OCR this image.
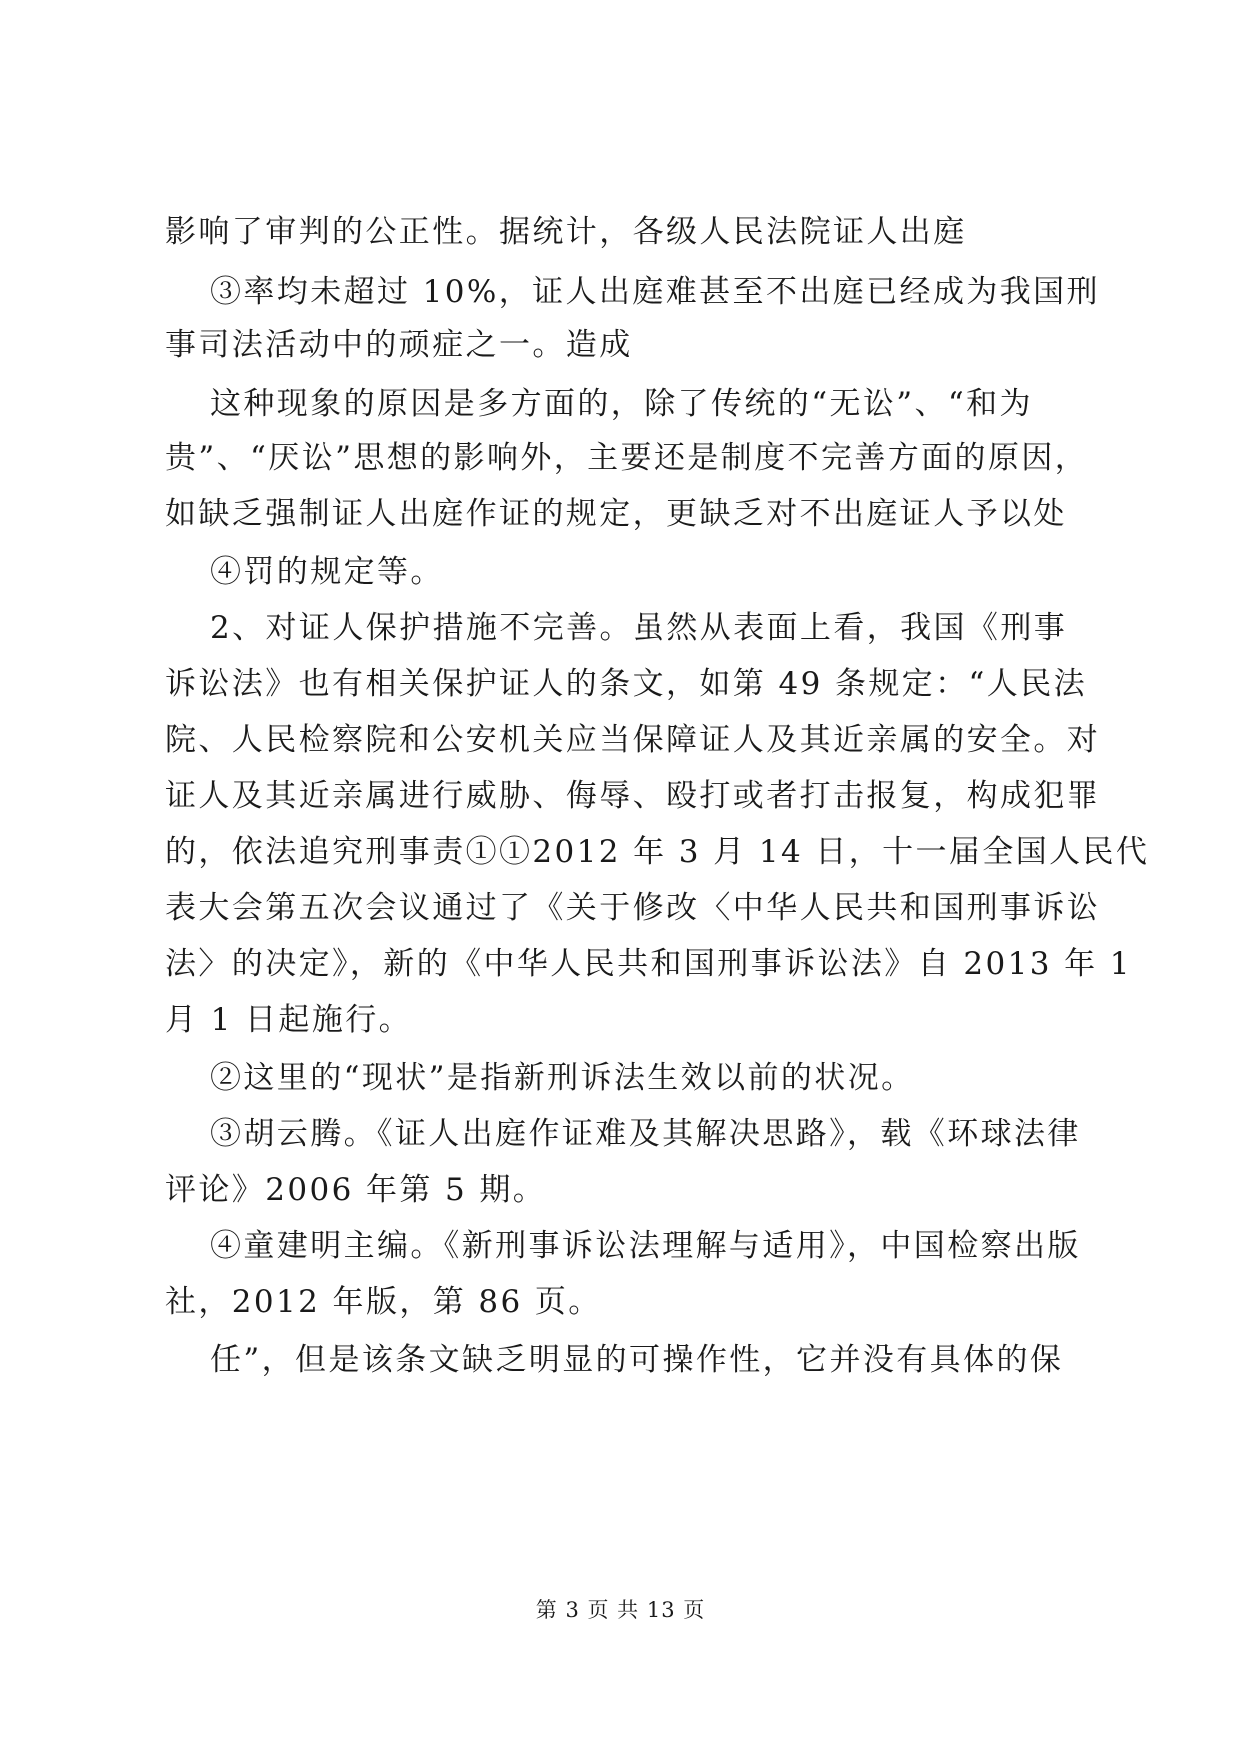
影响了审判的公正性。据统计，各级人民法院证人出庭
③率均未超过 10%，证人出庭难甚至不出庭已经成为我国刑
事司法活动中的顽症之一。造成
这种现象的原因是多方面的，除了传统的“无讼”、“和为
贵”、“厌讼”思想的影响外，主要还是制度不完善方面的原因，
如缺乏强制证人出庭作证的规定，更缺乏对不出庭证人予以处
④罚的规定等。
2、对证人保护措施不完善。虽然从表面上看，我国《刑事
诉讼法》也有相关保护证人的条文，如第 49 条规定：“人民法
院、人民检察院和公安机关应当保障证人及其近亲属的安全。对
证人及其近亲属进行威胁、侮辱、殴打或者打击报复，构成犯罪
的，依法追究刑事责①①2012 年 3 月 14 日，十一届全国人民代
表大会第五次会议通过了《关于修改〈中华人民共和国刑事诉讼
法〉的决定》，新的《中华人民共和国刑事诉讼法》自 2013 年 1
月 1 日起施行。
②这里的“现状”是指新刑诉法生效以前的状况。
③胡云腾。《证人出庭作证难及其解决思路》，载《环球法律
评论》2006 年第 5 期。
④童建明主编。《新刑事诉讼法理解与适用》，中国检察出版
社，2012 年版，第 86 页。
任”，但是该条文缺乏明显的可操作性，它并没有具体的保
第 3 页 共 13 页
